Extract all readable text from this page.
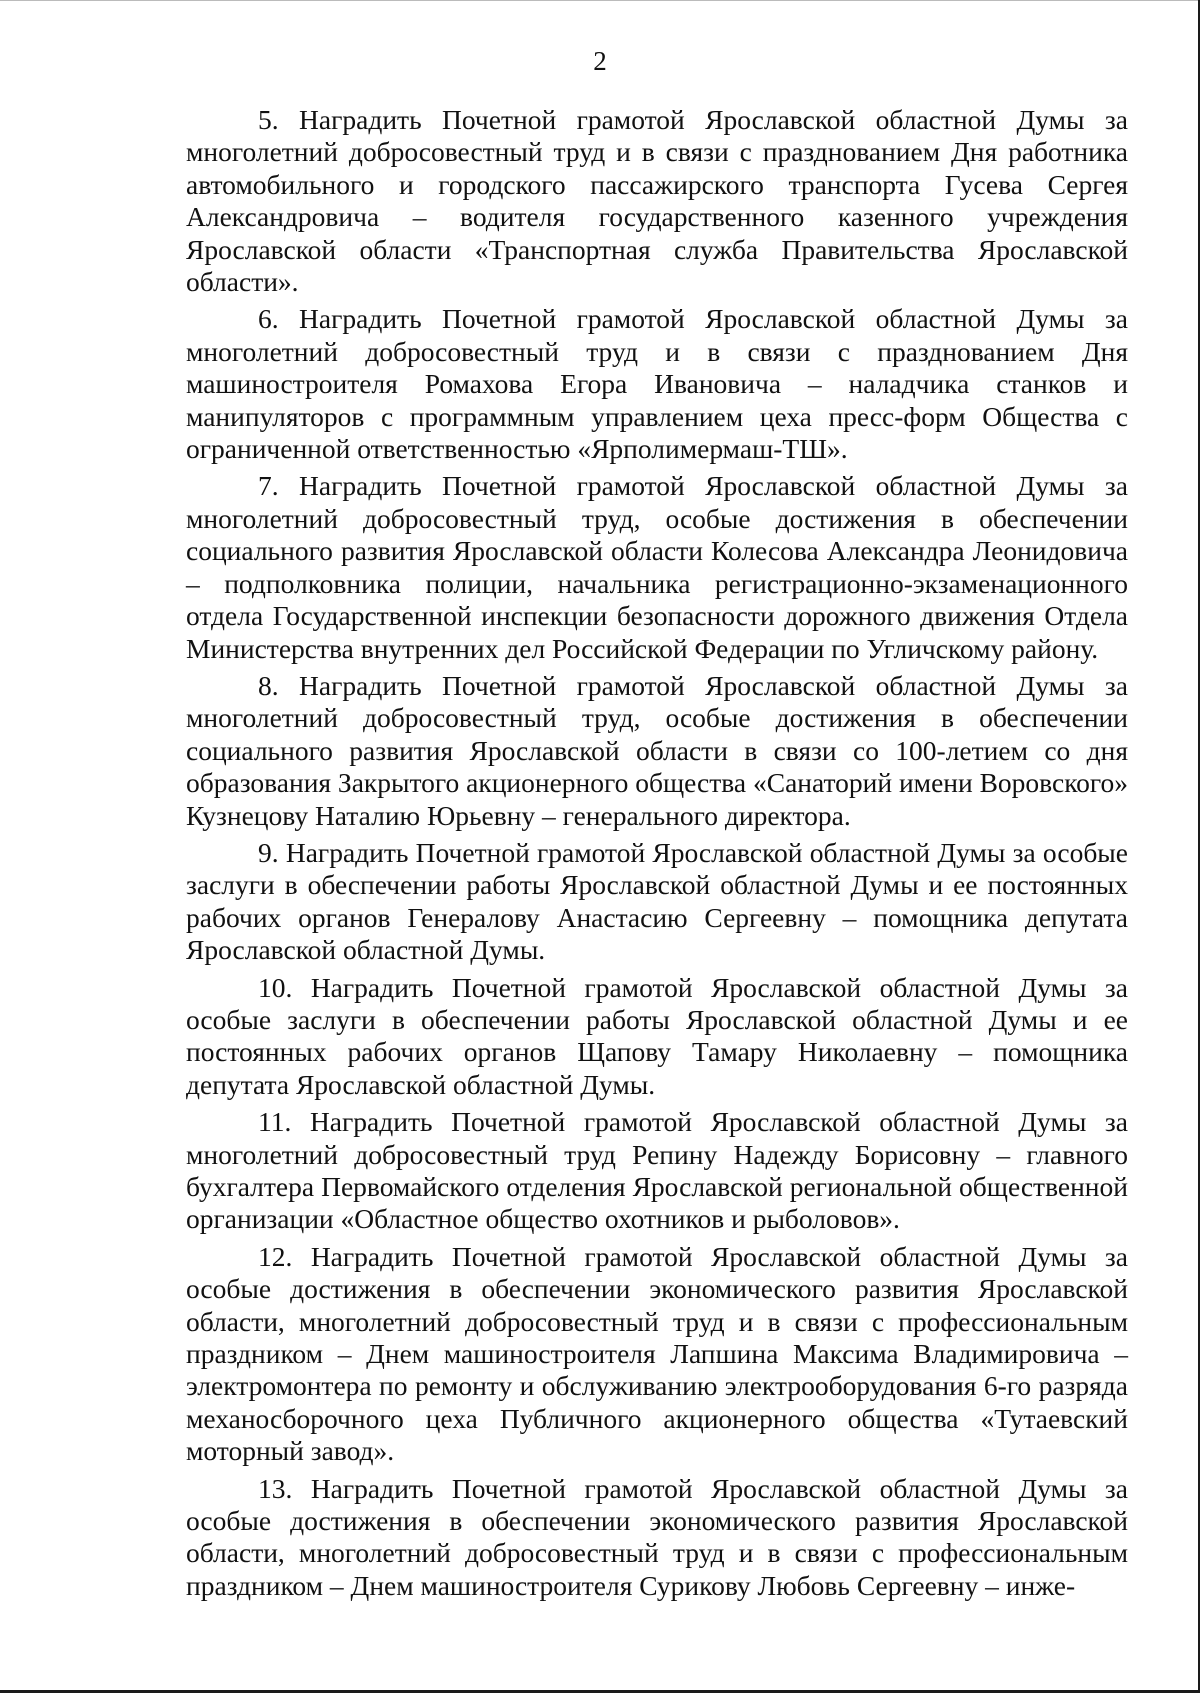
2

5. Наградить Почетной грамотой Ярославской областной Думы за многолетний добросовестный труд и в связи с празднованием Дня работника автомобильного и городского пассажирского транспорта Гусева Сергея Александровича – водителя государственного казенного учреждения Ярославской области «Транспортная служба Правительства Ярославской области».

6. Наградить Почетной грамотой Ярославской областной Думы за многолетний добросовестный труд и в связи с празднованием Дня машиностроителя Ромахова Егора Ивановича – наладчика станков и манипуляторов с программным управлением цеха пресс-форм Общества с ограниченной ответственностью «Ярполимермаш-ТШ».

7. Наградить Почетной грамотой Ярославской областной Думы за многолетний добросовестный труд, особые достижения в обеспечении социального развития Ярославской области Колесова Александра Леонидовича – подполковника полиции, начальника регистрационно-экзаменационного отдела Государственной инспекции безопасности дорожного движения Отдела Министерства внутренних дел Российской Федерации по Угличскому району.

8. Наградить Почетной грамотой Ярославской областной Думы за многолетний добросовестный труд, особые достижения в обеспечении социального развития Ярославской области в связи со 100-летием со дня образования Закрытого акционерного общества «Санаторий имени Воровского» Кузнецову Наталию Юрьевну – генерального директора.

9. Наградить Почетной грамотой Ярославской областной Думы за особые заслуги в обеспечении работы Ярославской областной Думы и ее постоянных рабочих органов Генералову Анастасию Сергеевну – помощника депутата Ярославской областной Думы.

10. Наградить Почетной грамотой Ярославской областной Думы за особые заслуги в обеспечении работы Ярославской областной Думы и ее постоянных рабочих органов Щапову Тамару Николаевну – помощника депутата Ярославской областной Думы.

11. Наградить Почетной грамотой Ярославской областной Думы за многолетний добросовестный труд Репину Надежду Борисовну – главного бухгалтера Первомайского отделения Ярославской региональной общественной организации «Областное общество охотников и рыболовов».

12. Наградить Почетной грамотой Ярославской областной Думы за особые достижения в обеспечении экономического развития Ярославской области, многолетний добросовестный труд и в связи с профессиональным праздником – Днем машиностроителя Лапшина Максима Владимировича – электромонтера по ремонту и обслуживанию электрооборудования 6-го разряда механосборочного цеха Публичного акционерного общества «Тутаевский моторный завод».

13. Наградить Почетной грамотой Ярославской областной Думы за особые достижения в обеспечении экономического развития Ярославской области, многолетний добросовестный труд и в связи с профессиональным праздником – Днем машиностроителя Сурикову Любовь Сергеевну – инже-
